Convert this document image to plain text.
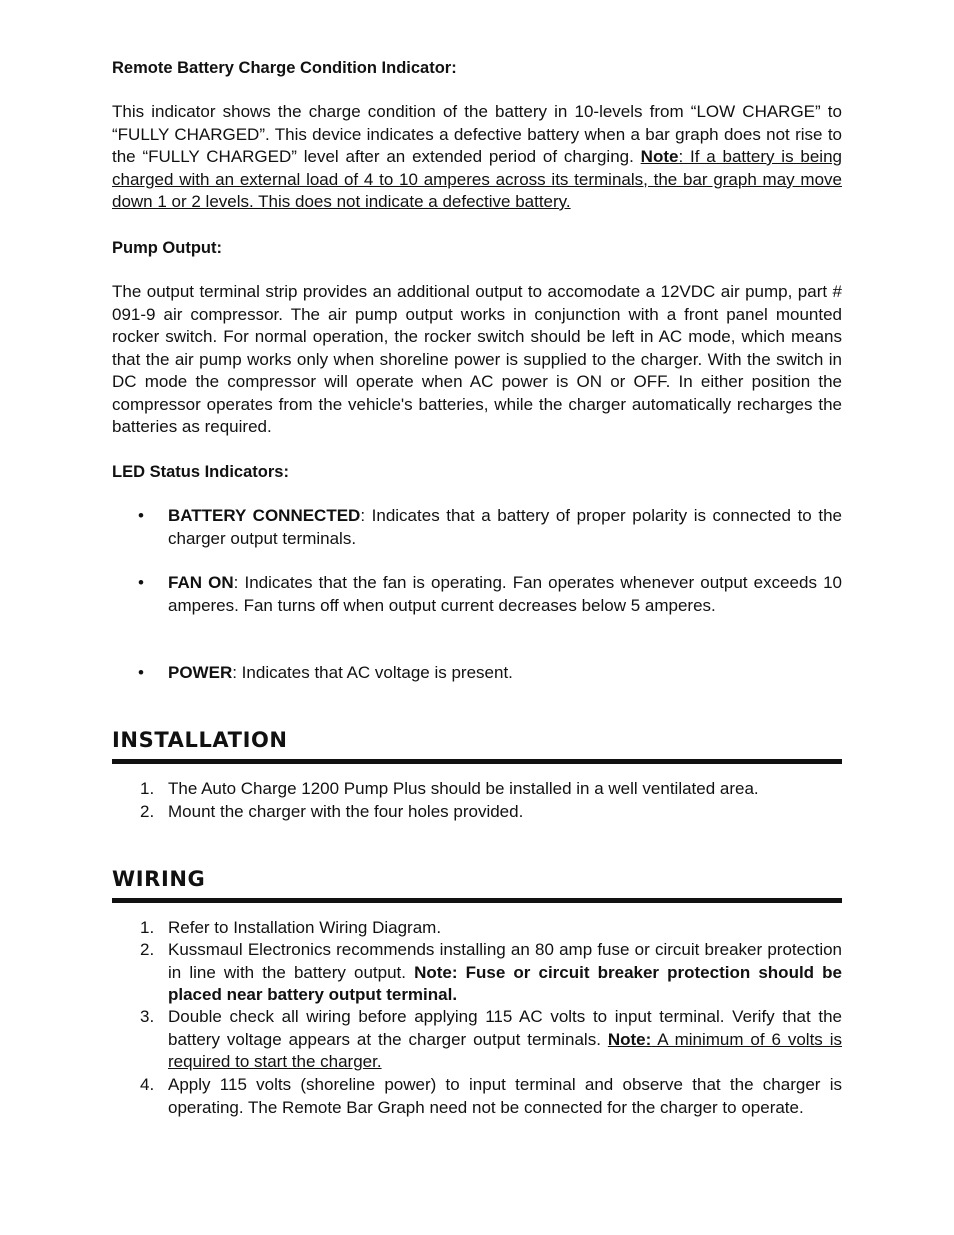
Remote Battery Charge Condition Indicator:

This indicator shows the charge condition of the battery in 10-levels from “LOW CHARGE” to “FULLY CHARGED”. This device indicates a defective battery when a bar graph does not rise to the “FULLY CHARGED” level after an extended period of charging. Note: If a battery is being charged with an external load of 4 to 10 amperes across its terminals, the bar graph may move down 1 or 2 levels. This does not indicate a defective battery.

Pump Output:

The output terminal strip provides an additional output to accomodate a 12VDC air pump, part # 091-9 air compressor. The air pump output works in conjunction with a front panel mounted rocker switch. For normal operation, the rocker switch should be left in AC mode, which means that the air pump works only when shoreline power is supplied to the charger. With the switch in DC mode the compressor will operate when AC power is ON or OFF. In either position the compressor operates from the vehicle's batteries, while the charger automatically recharges the batteries as required.

LED Status Indicators:
• BATTERY CONNECTED: Indicates that a battery of proper polarity is connected to the charger output terminals.

• FAN ON: Indicates that the fan is operating. Fan operates whenever output exceeds 10 amperes. Fan turns off when output current decreases below 5 amperes.

• POWER: Indicates that AC voltage is present.

INSTALLATION
1. The Auto Charge 1200 Pump Plus should be installed in a well ventilated area.

2. Mount the charger with the four holes provided.

WIRING
1. Refer to Installation Wiring Diagram.

2. Kussmaul Electronics recommends installing an 80 amp fuse or circuit breaker protection in line with the battery output. Note: Fuse or circuit breaker protection should be placed near battery output terminal.

3. Double check all wiring before applying 115 AC volts to input terminal. Verify that the battery voltage appears at the charger output terminals. Note: A minimum of 6 volts is required to start the charger.

4. Apply 115 volts (shoreline power) to input terminal and observe that the charger is operating. The Remote Bar Graph need not be connected for the charger to operate.
